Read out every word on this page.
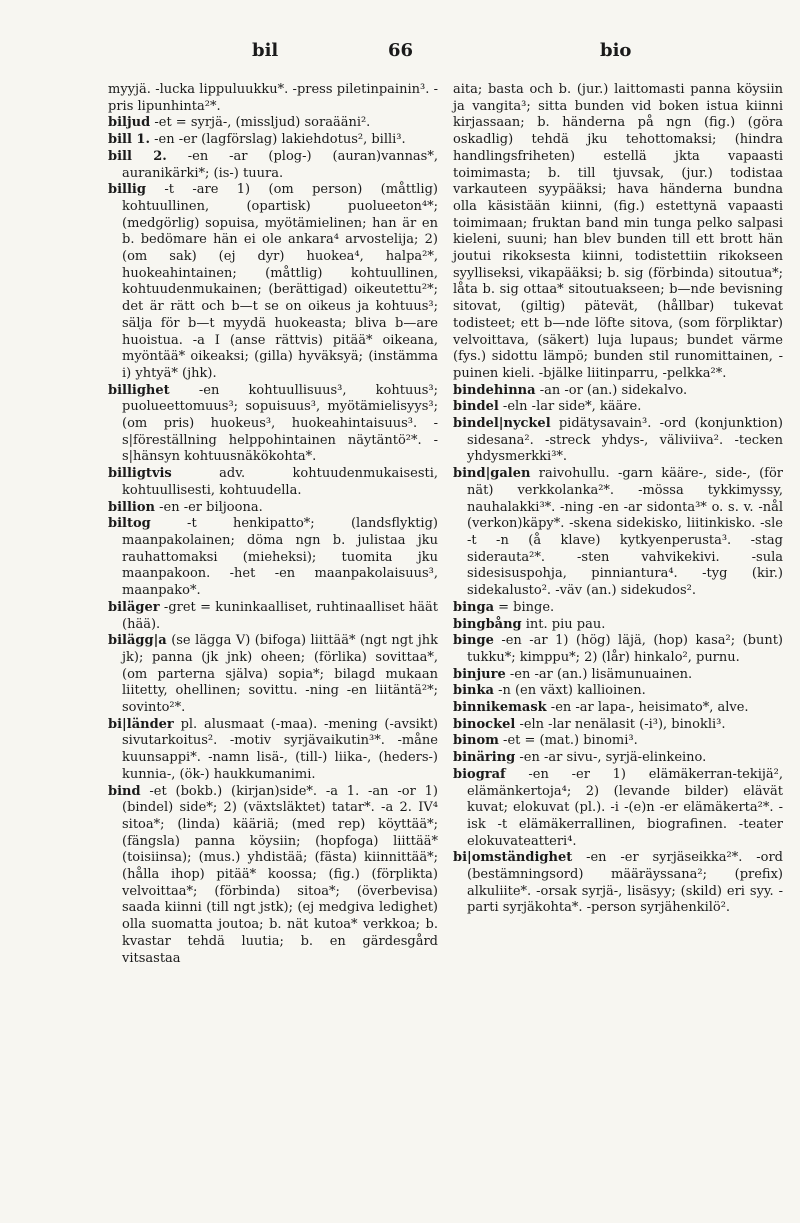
bil	66	bio

myyjä. -lucka lippuluukku*. -press piletinpainin³. -pris lipunhinta²*.

biljud -et = syrjä-, (missljud) soraääni².

bill 1. -en -er (lagförslag) lakiehdotus², billi³.

bill 2. -en -ar (plog-) (auran)vannas*, auranikärki*; (is-) tuura.

billig -t -are 1) (om person) (måttlig) kohtuullinen, (opartisk) puolueeton⁴*; (medgörlig) sopuisa, myötämielinen; han är en b. bedömare hän ei ole ankara⁴ arvostelija; 2) (om sak) (ej dyr) huokea⁴, halpa²*, huokeahintainen; (måttlig) kohtuullinen, kohtuudenmukainen; (berättigad) oikeutettu²*; det är rätt och b—t se on oikeus ja kohtuus³; sälja för b—t myydä huokeasta; bliva b—are huoistua. -a I (anse rättvis) pitää* oikeana, myöntää* oikeaksi; (gilla) hyväksyä; (instämma i) yhtyä* (jhk).

billighet -en kohtuullisuus³, kohtuus³; puolueettomuus³; sopuisuus³, myötämielisyys³; (om pris) huokeus³, huokeahintaisuus³. -s|föreställning helppohintainen näytäntö²*. -s|hänsyn kohtuusnäkökohta*.

billigtvis	adv. kohtuudenmukaisesti, kohtuullisesti, kohtuudella.

billion -en -er biljoona.

biltog	-t henkipatto*; (landsflyktig) maanpakolainen; döma ngn b. julistaa jku rauhattomaksi (mieheksi); tuomita jku maanpakoon. -het -en maanpakolaisuus³, maanpako*.

biläger -gret = kuninkaalliset, ruhtinaalliset häät (hää).

bilägg|a (se lägga V) (bifoga) liittää* (ngt ngt jhk jk); panna (jk jnk) oheen; (förlika) sovittaa*, (om parterna själva) sopia*; bilagd mukaan liitetty, ohellinen; sovittu. -ning -en liitäntä²*; sovinto²*.

bi|länder pl. alusmaat (-maa). -mening (-avsikt) sivutarkoitus². -motiv syrjävaikutin³*. -måne kuunsappi*. -namn lisä-, (till-) liika-, (heders-) kunnia-, (ök-) haukkumanimi.

bind -et (bokb.) (kirjan)side*. -a 1. -an -or 1) (bindel) side*; 2) (växtsläktet) tatar*. -a 2. IV⁴ sitoa*; (linda) kääriä; (med rep) köyttää*; (fängsla) panna köysiin; (hopfoga) liittää* (toisiinsa); (mus.) yhdistää; (fästa) kiinnittää*; (hålla ihop) pitää* koossa; (fig.) (förplikta) velvoittaa*; (förbinda) sitoa*; (överbevisa) saada kiinni (till ngt jstk); (ej medgiva ledighet) olla suomatta joutoa; b. nät kutoa* verkkoa; b. kvastar tehdä luutia; b. en gärdesgård vitsastaa

aita; basta och b. (jur.) laittomasti panna köysiin ja vangita³; sitta bunden vid boken istua kiinni kirjassaan; b. händerna på ngn (fig.) (göra oskadlig) tehdä jku tehottomaksi; (hindra handlingsfriheten) estellä jkta vapaasti toimimasta; b. till tjuvsak, (jur.) todistaa varkauteen syypääksi; hava händerna bundna olla käsistään kiinni, (fig.) estettynä vapaasti toimimaan; fruktan band min tunga pelko salpasi kieleni, suuni; han blev bunden till ett brott hän joutui rikoksesta kiinni, todistettiin rikokseen syylliseksi, vikapääksi; b. sig (förbinda) sitoutua*; låta b. sig ottaa* sitoutuakseen; b—nde bevisning sitovat, (giltig) pätevät, (hållbar) tukevat todisteet; ett b—nde löfte sitova, (som förpliktar) velvoittava, (säkert) luja lupaus; bundet värme (fys.) sidottu lämpö; bunden stil runomittainen, -puinen kieli. -bjälke liitinparru, -pelkka²*.

bindehinna -an -or (an.) sidekalvo.

bindel -eln -lar side*, kääre.

bindel|nyckel pidätysavain³. -ord (konjunktion) sidesana². -streck yhdys-, väliviiva². -tecken yhdysmerkki³*.

bind|galen raivohullu. -garn kääre-, side-, (för nät) verkkolanka²*. -mössa tykkimyssy, nauhalakki³*. -ning -en -ar sidonta³* o. s. v. -nål (verkon)käpy*. -skena sidekisko, liitinkisko. -sle -t -n (å klave) kytkyenperustа³. -stag siderauta²*. -sten vahvikekivi. -sula sidesisuspohja, pinniantura⁴. -tyg (kir.) sidekalusto². -väv (an.) sidekudos².

binga = binge.

bingbång int. piu pau.

binge -en -ar 1) (hög) läjä, (hop) kasa²; (bunt) tukku*; kimppu*; 2) (lår) hinkalo², purnu.

binjure -en -ar (an.) lisämunuainen.

binka -n (en växt) kallioinen.

binnikemask -en -ar lapa-, heisimato*, alve.

binockel -eln -lar nenälasit (-i³), binokli³.

binom -et = (mat.) binomi³.

binäring -en -ar sivu-, syrjä-elinkeino.

biograf -en -er 1) elämäkerran-tekijä², elämänkertoja⁴; 2) (levande bilder) elävät kuvat; elokuvat (pl.). -i -(e)n -er elämäkerta²*. -isk -t elämäkerrallinen, biografinen. -teater elokuvateatteri⁴.

bi|omständighet -en -er syrjäseikka²*. -ord (bestämningsord) määräyssana²; (prefix) alkuliite*. -orsak syrjä-, lisäsyy; (skild) eri syy. -parti syrjäkohta*. -person syrjähenkilö².
